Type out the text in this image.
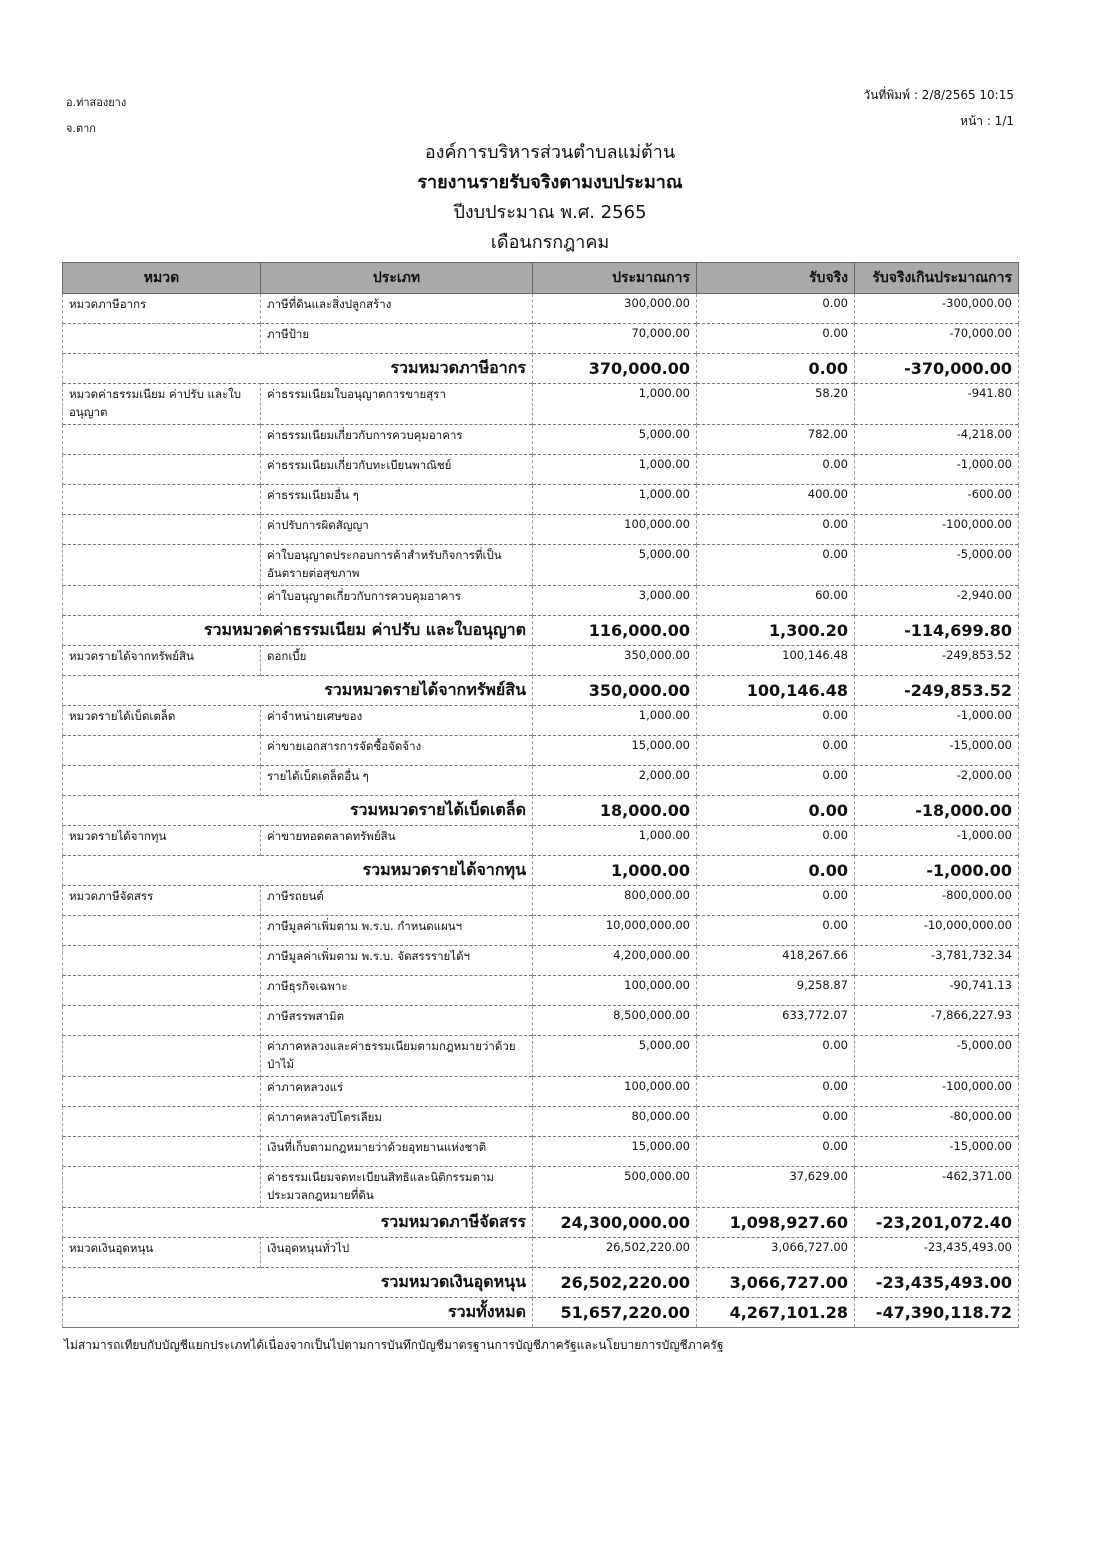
อ.ท่าสองยาง
จ.ตาก
วันที่พิมพ์ : 2/8/2565 10:15
หน้า : 1/1
องค์การบริหารส่วนตำบลแม่ต้าน
รายงานรายรับจริงตามงบประมาณ
ปีงบประมาณ พ.ศ. 2565
เดือนกรกฎาคม
หมวด	ประเภท	ประมาณการ	รับจริง	รับจริงเกินประมาณการ
หมวดภาษีอากร	ภาษีที่ดินและสิ่งปลูกสร้าง	300,000.00	0.00	-300,000.00
	ภาษีป้าย	70,000.00	0.00	-70,000.00
รวมหมวดภาษีอากร		370,000.00	0.00	-370,000.00
หมวดค่าธรรมเนียม ค่าปรับ และใบอนุญาต	ค่าธรรมเนียมใบอนุญาตการขายสุรา	1,000.00	58.20	-941.80
	ค่าธรรมเนียมเกี่ยวกับการควบคุมอาคาร	5,000.00	782.00	-4,218.00
	ค่าธรรมเนียมเกี่ยวกับทะเบียนพาณิชย์	1,000.00	0.00	-1,000.00
	ค่าธรรมเนียมอื่น ๆ	1,000.00	400.00	-600.00
	ค่าปรับการผิดสัญญา	100,000.00	0.00	-100,000.00
	ค่าใบอนุญาตประกอบการค้าสำหรับกิจการที่เป็นอันตรายต่อสุขภาพ	5,000.00	0.00	-5,000.00
	ค่าใบอนุญาตเกี่ยวกับการควบคุมอาคาร	3,000.00	60.00	-2,940.00
รวมหมวดค่าธรรมเนียม ค่าปรับ และใบอนุญาต		116,000.00	1,300.20	-114,699.80
หมวดรายได้จากทรัพย์สิน	ดอกเบี้ย	350,000.00	100,146.48	-249,853.52
รวมหมวดรายได้จากทรัพย์สิน		350,000.00	100,146.48	-249,853.52
หมวดรายได้เบ็ดเตล็ด	ค่าจำหน่ายเศษของ	1,000.00	0.00	-1,000.00
	ค่าขายเอกสารการจัดซื้อจัดจ้าง	15,000.00	0.00	-15,000.00
	รายได้เบ็ดเตล็ดอื่น ๆ	2,000.00	0.00	-2,000.00
รวมหมวดรายได้เบ็ดเตล็ด		18,000.00	0.00	-18,000.00
หมวดรายได้จากทุน	ค่าขายทอดตลาดทรัพย์สิน	1,000.00	0.00	-1,000.00
รวมหมวดรายได้จากทุน		1,000.00	0.00	-1,000.00
หมวดภาษีจัดสรร	ภาษีรถยนต์	800,000.00	0.00	-800,000.00
	ภาษีมูลค่าเพิ่มตาม พ.ร.บ. กำหนดแผนฯ	10,000,000.00	0.00	-10,000,000.00
	ภาษีมูลค่าเพิ่มตาม พ.ร.บ. จัดสรรรายได้ฯ	4,200,000.00	418,267.66	-3,781,732.34
	ภาษีธุรกิจเฉพาะ	100,000.00	9,258.87	-90,741.13
	ภาษีสรรพสามิต	8,500,000.00	633,772.07	-7,866,227.93
	ค่าภาคหลวงและค่าธรรมเนียมตามกฎหมายว่าด้วยป่าไม้	5,000.00	0.00	-5,000.00
	ค่าภาคหลวงแร่	100,000.00	0.00	-100,000.00
	ค่าภาคหลวงปิโตรเลียม	80,000.00	0.00	-80,000.00
	เงินที่เก็บตามกฎหมายว่าด้วยอุทยานแห่งชาติ	15,000.00	0.00	-15,000.00
	ค่าธรรมเนียมจดทะเบียนสิทธิและนิติกรรมตามประมวลกฎหมายที่ดิน	500,000.00	37,629.00	-462,371.00
รวมหมวดภาษีจัดสรร		24,300,000.00	1,098,927.60	-23,201,072.40
หมวดเงินอุดหนุน	เงินอุดหนุนทั่วไป	26,502,220.00	3,066,727.00	-23,435,493.00
รวมหมวดเงินอุดหนุน		26,502,220.00	3,066,727.00	-23,435,493.00
รวมทั้งหมด		51,657,220.00	4,267,101.28	-47,390,118.72
ไม่สามารถเทียบกับบัญชีแยกประเภทได้เนื่องจากเป็นไปตามการบันทึกบัญชีมาตรฐานการบัญชีภาครัฐและนโยบายการบัญชีภาครัฐ
